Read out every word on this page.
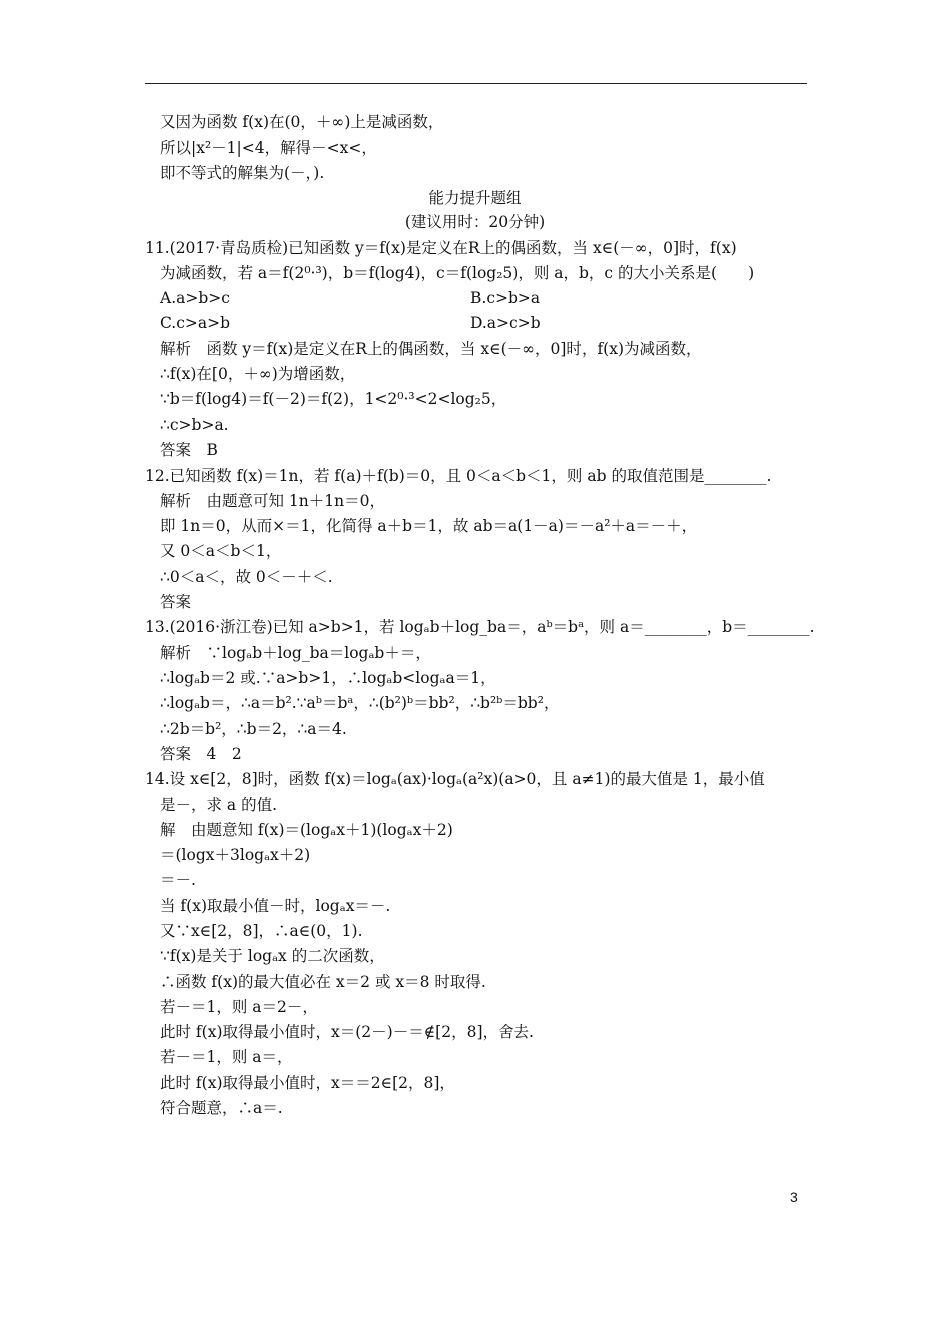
又因为函数 f(x)在(0，＋∞)上是减函数，
所以|x²－1|<4，解得－<x<，
即不等式的解集为(－，).
能力提升题组
(建议用时：20分钟)
11.(2017·青岛质检)已知函数 y＝f(x)是定义在R上的偶函数，当 x∈(－∞，0]时，f(x)
为减函数，若 a＝f(2⁰·³)，b＝f(log4)，c＝f(log₂5)，则 a，b，c 的大小关系是(　　)
A.a>b>c	B.c>b>a
C.c>a>b	D.a>c>b
解析　函数 y＝f(x)是定义在R上的偶函数，当 x∈(－∞，0]时，f(x)为减函数，
∴f(x)在[0，＋∞)为增函数，
∵b＝f(log4)＝f(－2)＝f(2)，1<2⁰·³<2<log₂5，
∴c>b>a.
答案　B
12.已知函数 f(x)＝1n，若 f(a)＋f(b)＝0，且 0＜a＜b＜1，则 ab 的取值范围是________.
解析　由题意可知 1n＋1n＝0，
即 1n＝0，从而×＝1，化简得 a＋b＝1，故 ab＝a(1－a)＝－a²＋a＝－＋，
又 0＜a＜b＜1，
∴0＜a＜，故 0＜－＋＜.
答案
13.(2016·浙江卷)已知 a>b>1，若 logₐb＋log_ba＝，aᵇ＝bᵃ，则 a＝________，b＝________.
解析　∵logₐb＋log_ba＝logₐb＋＝，
∴logₐb＝2 或.∵a>b>1，∴logₐb<logₐa＝1，
∴logₐb＝，∴a＝b².∵aᵇ＝bᵃ，∴(b²)ᵇ＝bb²，∴b²ᵇ＝bb²，
∴2b＝b²，∴b＝2，∴a＝4.
答案　4　2
14.设 x∈[2，8]时，函数 f(x)＝logₐ(ax)·logₐ(a²x)(a>0，且 a≠1)的最大值是 1，最小值
是－，求 a 的值.
解　由题意知 f(x)＝(logₐx＋1)(logₐx＋2)
＝(logx＋3logₐx＋2)
＝－.
当 f(x)取最小值－时，logₐx＝－.
又∵x∈[2，8]，∴a∈(0，1).
∵f(x)是关于 logₐx 的二次函数，
∴函数 f(x)的最大值必在 x＝2 或 x＝8 时取得.
若－＝1，则 a＝2－，
此时 f(x)取得最小值时，x＝(2－)－＝∉[2，8]，舍去.
若－＝1，则 a＝，
此时 f(x)取得最小值时，x＝＝2∈[2，8]，
符合题意，∴a＝.
3
